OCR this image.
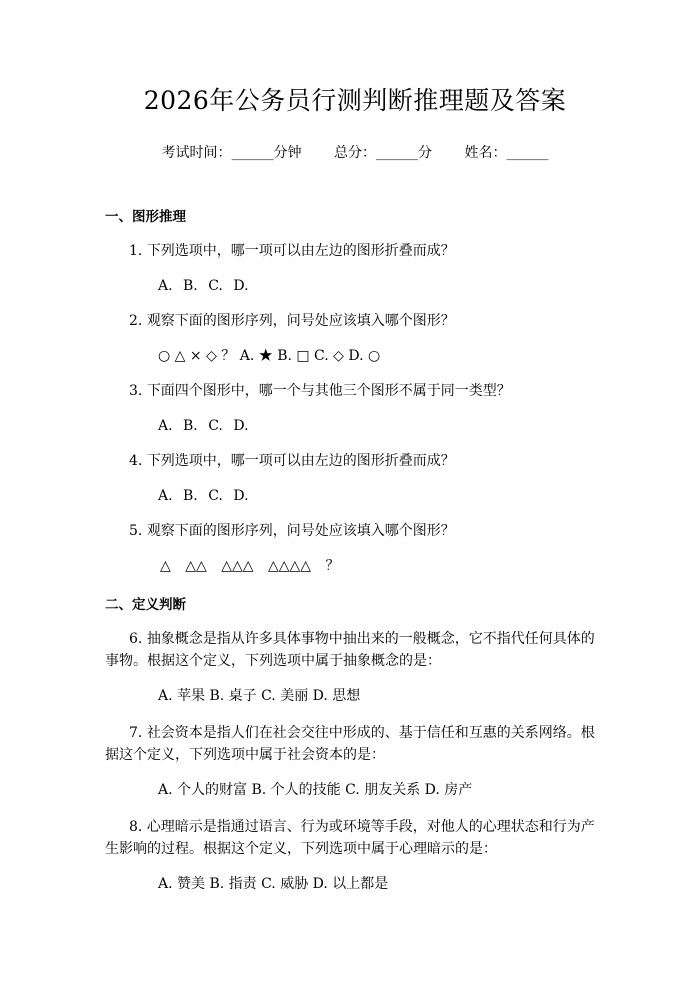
2026年公务员行测判断推理题及答案
考试时间：______分钟 总分：______分 姓名：______
一、图形推理
1. 下列选项中，哪一项可以由左边的图形折叠而成？
A. B. C. D.
2. 观察下面的图形序列，问号处应该填入哪个图形？
○ △ × ◇ ？ A. ★ B. □ C. ◇ D. ○
3. 下面四个图形中，哪一个与其他三个图形不属于同一类型？
A. B. C. D.
4. 下列选项中，哪一项可以由左边的图形折叠而成？
A. B. C. D.
5. 观察下面的图形序列，问号处应该填入哪个图形？
△ △△ △△△ △△△△ ？
二、定义判断
6. 抽象概念是指从许多具体事物中抽出来的一般概念，它不指代任何具体的事物。根据这个定义，下列选项中属于抽象概念的是：
A. 苹果 B. 桌子 C. 美丽 D. 思想
7. 社会资本是指人们在社会交往中形成的、基于信任和互惠的关系网络。根据这个定义，下列选项中属于社会资本的是：
A. 个人的财富 B. 个人的技能 C. 朋友关系 D. 房产
8. 心理暗示是指通过语言、行为或环境等手段，对他人的心理状态和行为产生影响的过程。根据这个定义，下列选项中属于心理暗示的是：
A. 赞美 B. 指责 C. 威胁 D. 以上都是
